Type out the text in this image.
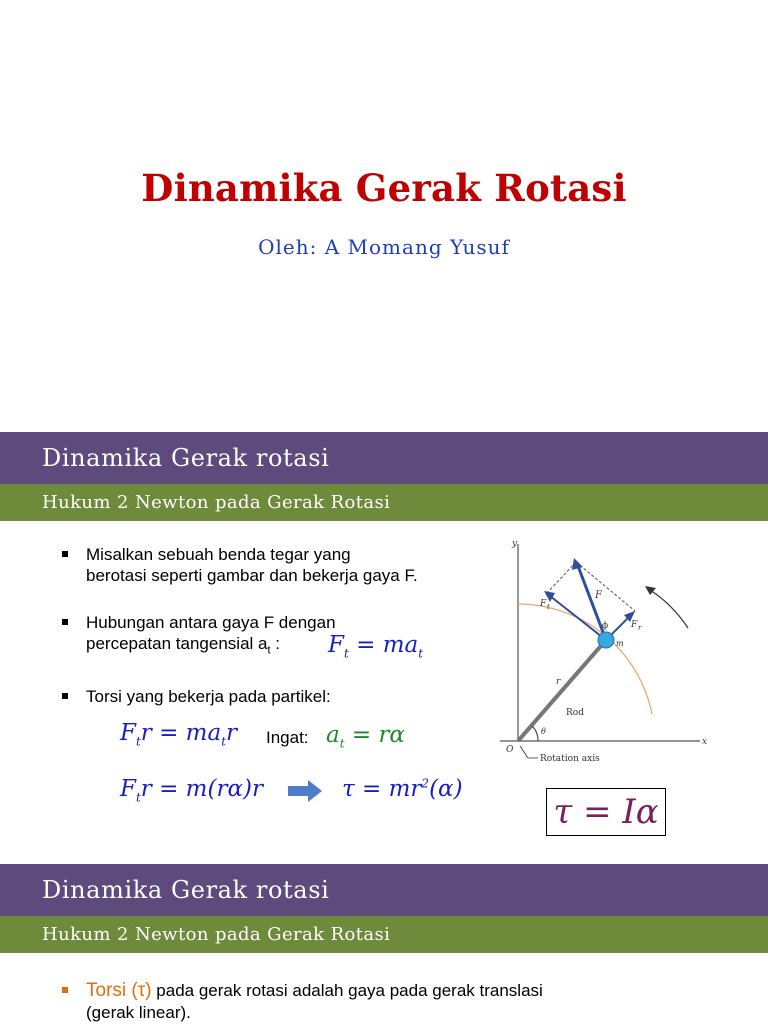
Dinamika Gerak Rotasi
Oleh: A Momang Yusuf
Dinamika Gerak rotasi
Hukum 2 Newton pada Gerak Rotasi
Misalkan sebuah benda tegar yang
berotasi seperti gambar dan bekerja gaya F.
Hubungan antara gaya F dengan
percepatan tangensial $a_t$ :	$F_t = ma_t$
Torsi yang bekerja pada partikel:
$F_tr = ma_tr$ Ingat: $a_t = r\alpha$
$F_tr = m(r\alpha)r$	$\tau = mr^2(\alpha)$
τ = Iα
y
x
O
F
F t
F r
ϕ
m
r
Rod
θ
Rotation axis
Dinamika Gerak rotasi
Hukum 2 Newton pada Gerak Rotasi
Torsi (τ) pada gerak rotasi adalah gaya pada gerak translasi
(gerak linear).
